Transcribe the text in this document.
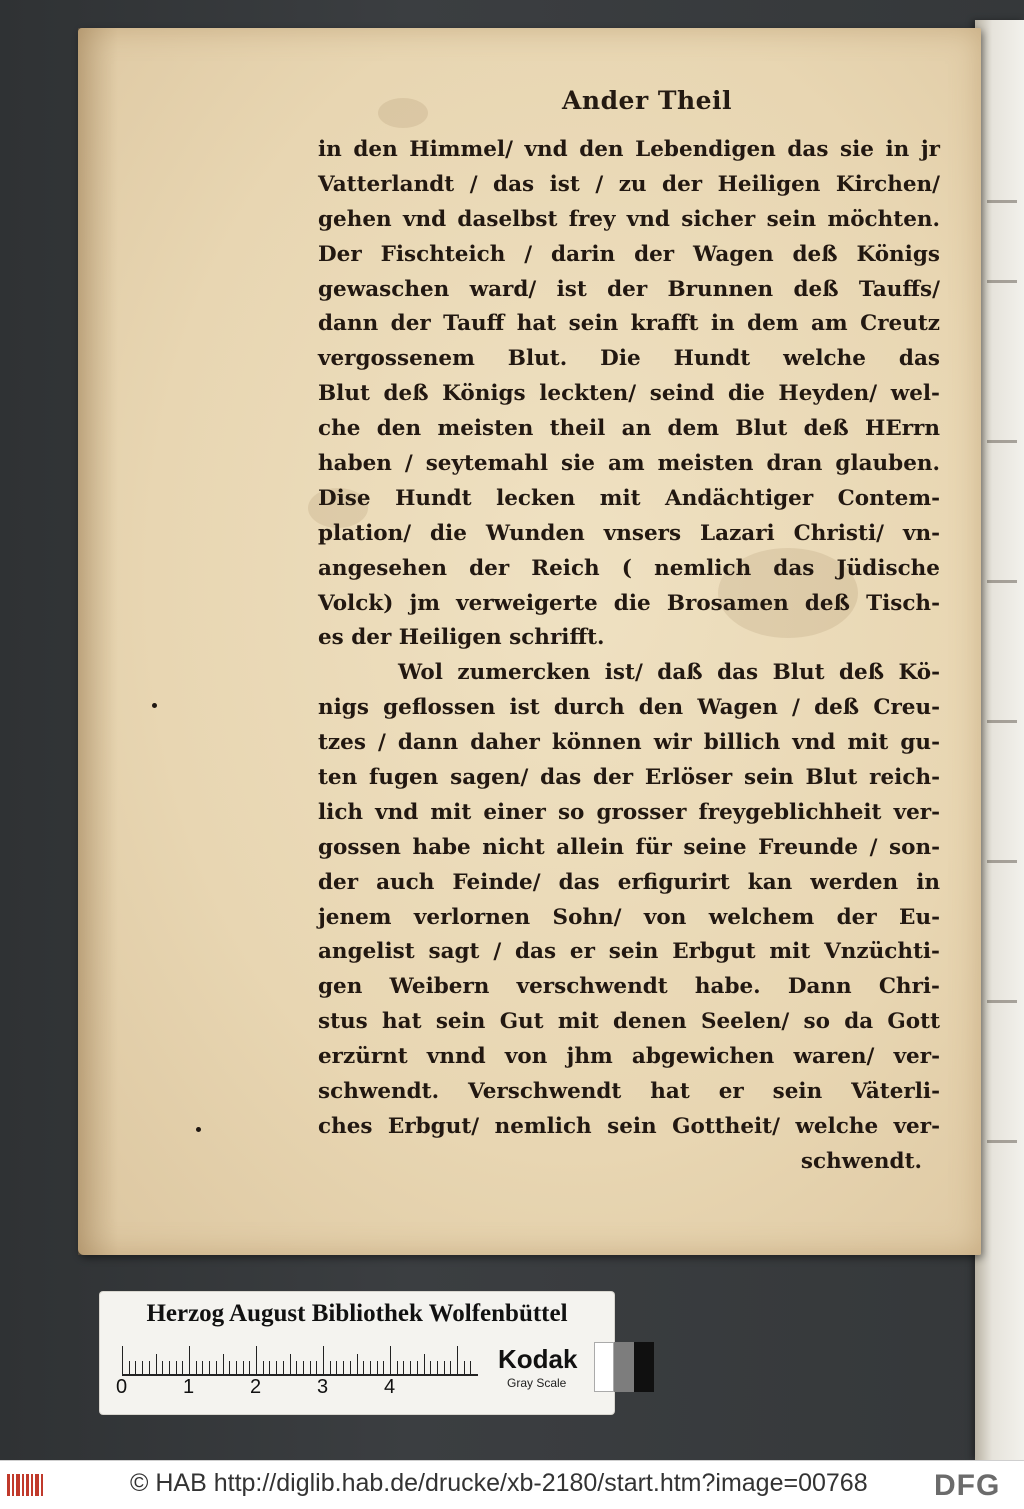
Ander Theil
in den Himmel/ vnd den Lebendigen das sie in jr
Vatterlandt / das ist / zu der Heiligen Kirchen/
gehen vnd daselbst frey vnd sicher sein möchten.
Der Fischteich / darin der Wagen deß Königs
gewaschen ward/ ist der Brunnen deß Tauffs/
dann der Tauff hat sein krafft in dem am Creutz
vergossenem Blut. Die Hundt welche das
Blut deß Königs leckten/ seind die Heyden/ wel-
che den meisten theil an dem Blut deß HErrn
haben / seytemahl sie am meisten dran glauben.
Dise Hundt lecken mit Andächtiger Contem-
plation/ die Wunden vnsers Lazari Christi/ vn-
angesehen der Reich ( nemlich das Jüdische
Volck) jm verweigerte die Brosamen deß Tisch-
es der Heiligen schrifft.
Wol zumercken ist/ daß das Blut deß Kö-
nigs geflossen ist durch den Wagen / deß Creu-
tzes / dann daher können wir billich vnd mit gu-
ten fugen sagen/ das der Erlöser sein Blut reich-
lich vnd mit einer so grosser freygeblichheit ver-
gossen habe nicht allein für seine Freunde / son-
der auch Feinde/ das erfigurirt kan werden in
jenem verlornen Sohn/ von welchem der Eu-
angelist sagt / das er sein Erbgut mit Vnzüchti-
gen Weibern verschwendt habe. Dann Chri-
stus hat sein Gut mit denen Seelen/ so da Gott
erzürnt vnnd von jhm abgewichen waren/ ver-
schwendt. Verschwendt hat er sein Väterli-
ches Erbgut/ nemlich sein Gottheit/ welche ver-
schwendt.
Herzog August Bibliothek Wolfenbüttel
0	1	2	3	4
Kodak
Gray Scale
© HAB http://diglib.hab.de/drucke/xb-2180/start.htm?image=00768 DFG
